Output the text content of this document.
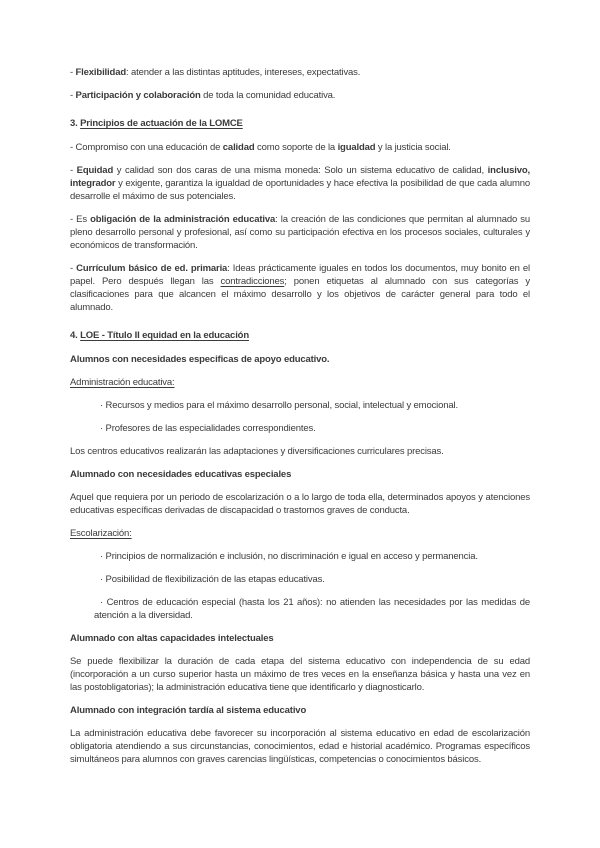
- Flexibilidad: atender a las distintas aptitudes, intereses, expectativas.

- Participación y colaboración de toda la comunidad educativa.

3. Principios de actuación de la LOMCE

- Compromiso con una educación de calidad como soporte de la igualdad y la justicia social.

- Equidad y calidad son dos caras de una misma moneda: Solo un sistema educativo de calidad, inclusivo, integrador y exigente, garantiza la igualdad de oportunidades y hace efectiva la posibilidad de que cada alumno desarrolle el máximo de sus potenciales.

- Es obligación de la administración educativa: la creación de las condiciones que permitan al alumnado su pleno desarrollo personal y profesional, así como su participación efectiva en los procesos sociales, culturales y económicos de transformación.

- Currículum básico de ed. primaria: Ideas prácticamente iguales en todos los documentos, muy bonito en el papel. Pero después llegan las contradicciones; ponen etiquetas al alumnado con sus categorías y clasificaciones para que alcancen el máximo desarrollo y los objetivos de carácter general para todo el alumnado.

4. LOE - Título II equidad en la educación

Alumnos con necesidades especificas de apoyo educativo.

Administración educativa:

· Recursos y medios para el máximo desarrollo personal, social, intelectual y emocional.

· Profesores de las especialidades correspondientes.

Los centros educativos realizarán las adaptaciones y diversificaciones curriculares precisas.

Alumnado con necesidades educativas especiales

Aquel que requiera por un periodo de escolarización o a lo largo de toda ella, determinados apoyos y atenciones educativas específicas derivadas de discapacidad o trastornos graves de conducta.

Escolarización:

· Principios de normalización e inclusión, no discriminación e igual en acceso y permanencia.

· Posibilidad de flexibilización de las etapas educativas.

· Centros de educación especial (hasta los 21 años): no atienden las necesidades por las medidas de atención a la diversidad.

Alumnado con altas capacidades intelectuales

Se puede flexibilizar la duración de cada etapa del sistema educativo con independencia de su edad (incorporación a un curso superior hasta un máximo de tres veces en la enseñanza básica y hasta una vez en las postobligatorias); la administración educativa tiene que identificarlo y diagnosticarlo.

Alumnado con integración tardía al sistema educativo

La administración educativa debe favorecer su incorporación al sistema educativo en edad de escolarización obligatoria atendiendo a sus circunstancias, conocimientos, edad e historial académico. Programas específicos simultáneos para alumnos con graves carencias lingüísticas, competencias o conocimientos básicos.
